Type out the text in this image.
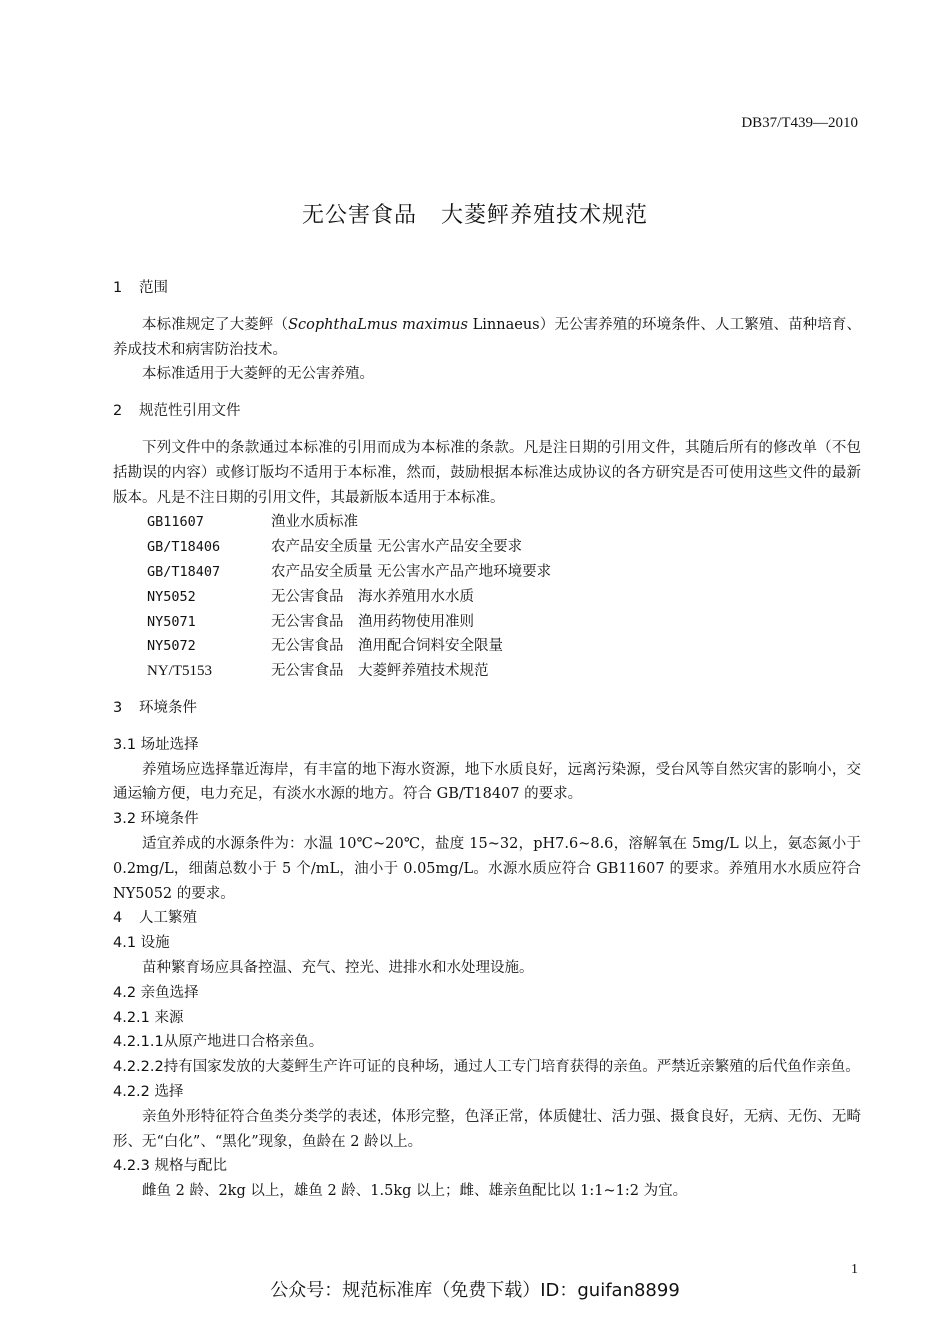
DB37/T439—2010
无公害食品 大菱鲆养殖技术规范
1 范围

本标准规定了大菱鲆（ScophthaLmus maximus Linnaeus）无公害养殖的环境条件、人工繁殖、苗种培育、养成技术和病害防治技术。

本标准适用于大菱鲆的无公害养殖。

2 规范性引用文件

下列文件中的条款通过本标准的引用而成为本标准的条款。凡是注日期的引用文件，其随后所有的修改单（不包括勘误的内容）或修订版均不适用于本标准，然而，鼓励根据本标准达成协议的各方研究是否可使用这些文件的最新版本。凡是不注日期的引用文件，其最新版本适用于本标准。

GB11607	渔业水质标准
GB/T18406	农产品安全质量 无公害水产品安全要求
GB/T18407	农产品安全质量 无公害水产品产地环境要求
NY5052	无公害食品　海水养殖用水水质
NY5071	无公害食品　渔用药物使用准则
NY5072	无公害食品　渔用配合饲料安全限量
NY/T5153	无公害食品　大菱鲆养殖技术规范
3 环境条件
3.1 场址选择

养殖场应选择靠近海岸，有丰富的地下海水资源，地下水质良好，远离污染源，受台风等自然灾害的影响小，交通运输方便，电力充足，有淡水水源的地方。符合 GB/T18407 的要求。

3.2 环境条件

适宜养成的水源条件为：水温 10℃~20℃，盐度 15~32，pH7.6~8.6，溶解氧在 5mg/L 以上，氨态氮小于 0.2mg/L，细菌总数小于 5 个/mL，油小于 0.05mg/L。水源水质应符合 GB11607 的要求。养殖用水水质应符合 NY5052 的要求。

4 人工繁殖
4.1 设施

苗种繁育场应具备控温、充气、控光、进排水和水处理设施。

4.2 亲鱼选择
4.2.1 来源

4.2.1.1从原产地进口合格亲鱼。

4.2.2.2持有国家发放的大菱鲆生产许可证的良种场，通过人工专门培育获得的亲鱼。严禁近亲繁殖的后代鱼作亲鱼。

4.2.2 选择

亲鱼外形特征符合鱼类分类学的表述，体形完整，色泽正常，体质健壮、活力强、摄食良好，无病、无伤、无畸形、无“白化”、“黑化”现象，鱼龄在 2 龄以上。

4.2.3 规格与配比

雌鱼 2 龄、2kg 以上，雄鱼 2 龄、1.5kg 以上；雌、雄亲鱼配比以 1:1~1:2 为宜。

1
公众号：规范标准库（免费下载）ID：guifan8899
